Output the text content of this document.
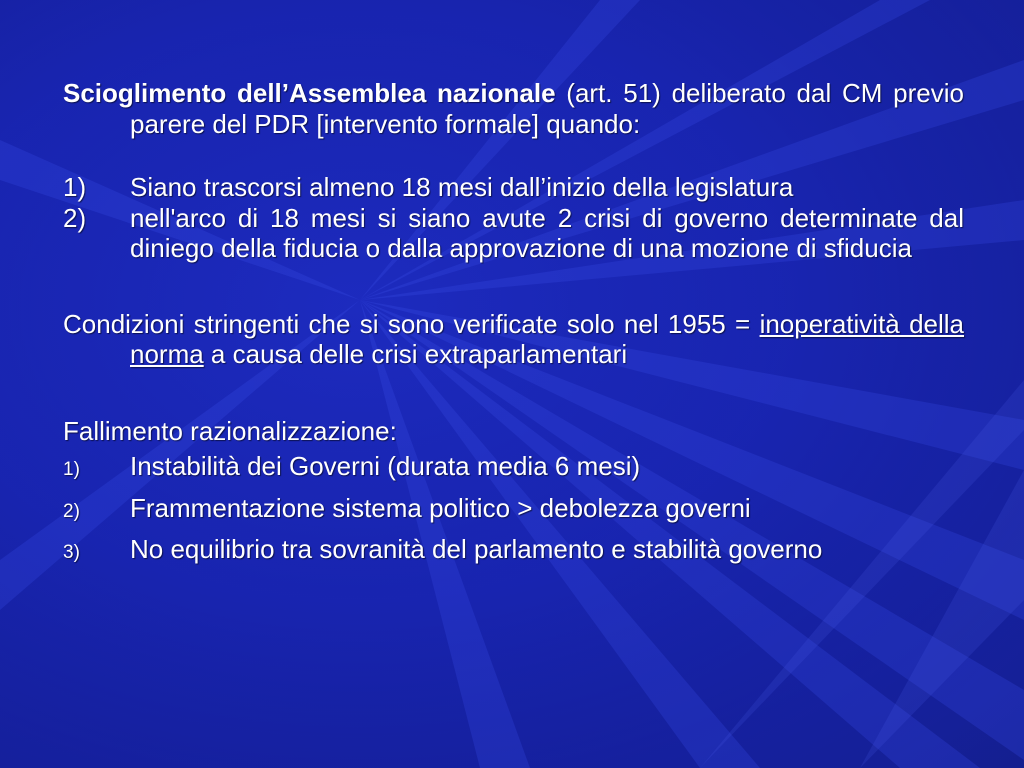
Scioglimento dell’Assemblea nazionale (art. 51) deliberato dal CM previo parere del PDR [intervento formale] quando:
1)	Siano trascorsi almeno 18 mesi dall’inizio della legislatura
2)	nell'arco di 18 mesi si siano avute 2 crisi di governo determinate dal diniego della fiducia o dalla approvazione di una mozione di sfiducia
Condizioni stringenti che si sono verificate solo nel 1955 = inoperatività della norma a causa delle crisi extraparlamentari
Fallimento razionalizzazione:
1)	Instabilità dei Governi (durata media 6 mesi)
2)	Frammentazione sistema politico > debolezza governi
3)	No equilibrio tra sovranità del parlamento e stabilità governo
